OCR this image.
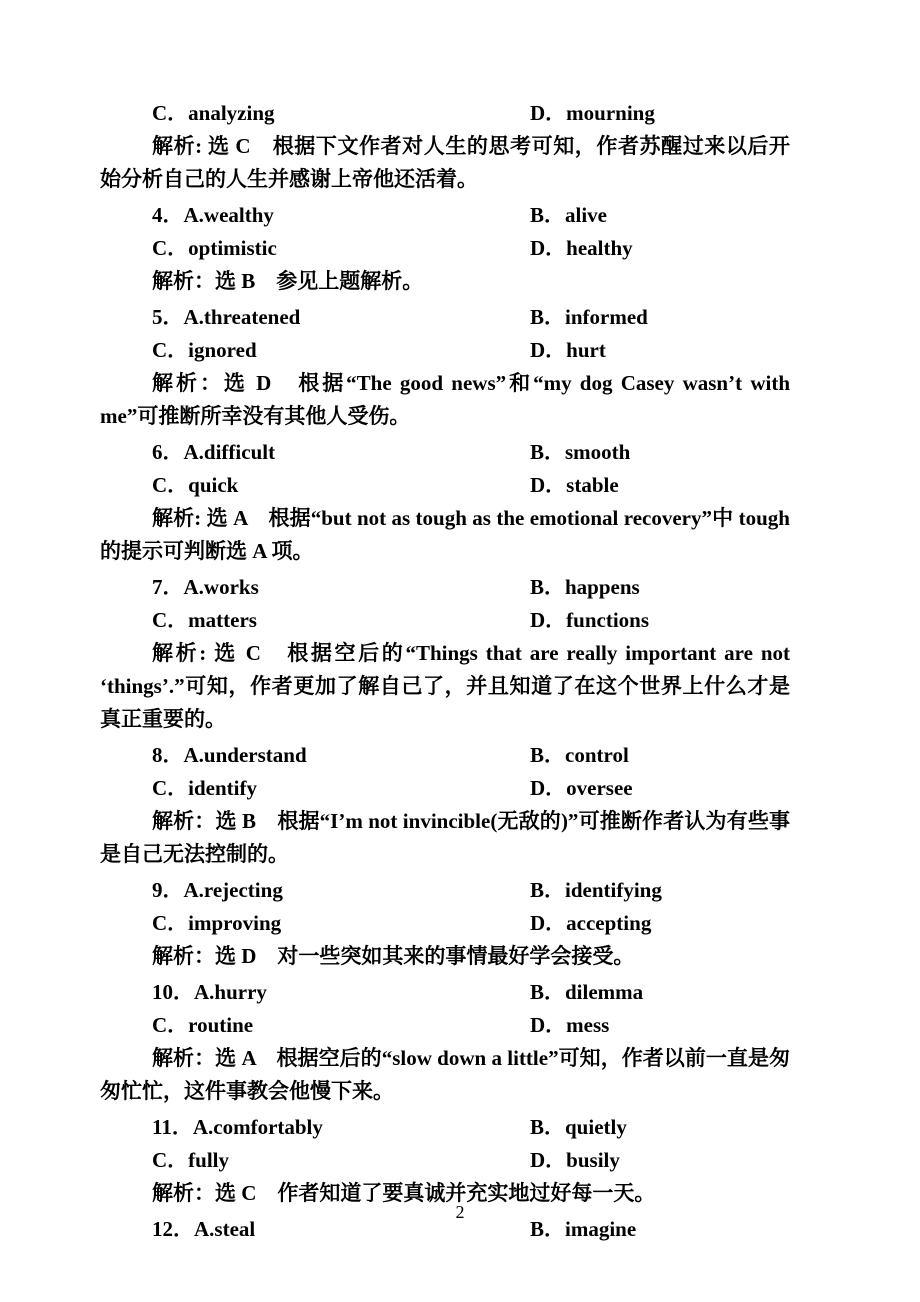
C．analyzing	D．mourning

解析: 选 C　根据下文作者对人生的思考可知，作者苏醒过来以后开始分析自己的人生并感谢上帝他还活着。

4．A.wealthy	B．alive
C．optimistic	D．healthy

解析：选 B　参见上题解析。

5．A.threatened	B．informed
C．ignored	D．hurt

解析：选 D　根据“The good news”和“my dog Casey wasn’t with me”可推断所幸没有其他人受伤。

6．A.difficult	B．smooth
C．quick	D．stable

解析: 选 A　根据“but not as tough as the emotional recovery”中 tough 的提示可判断选 A 项。

7．A.works	B．happens
C．matters	D．functions

解析: 选 C　根据空后的“Things that are really important are not ‘things’.”可知，作者更加了解自己了，并且知道了在这个世界上什么才是真正重要的。

8．A.understand	B．control
C．identify	D．oversee

解析：选 B　根据“I’m not invincible(无敌的)”可推断作者认为有些事是自己无法控制的。

9．A.rejecting	B．identifying
C．improving	D．accepting

解析：选 D　对一些突如其来的事情最好学会接受。

10．A.hurry	B．dilemma
C．routine	D．mess

解析：选 A　根据空后的“slow down a little”可知，作者以前一直是匆匆忙忙，这件事教会他慢下来。

11．A.comfortably	B．quietly
C．fully	D．busily

解析：选 C　作者知道了要真诚并充实地过好每一天。

12．A.steal	B．imagine
2
